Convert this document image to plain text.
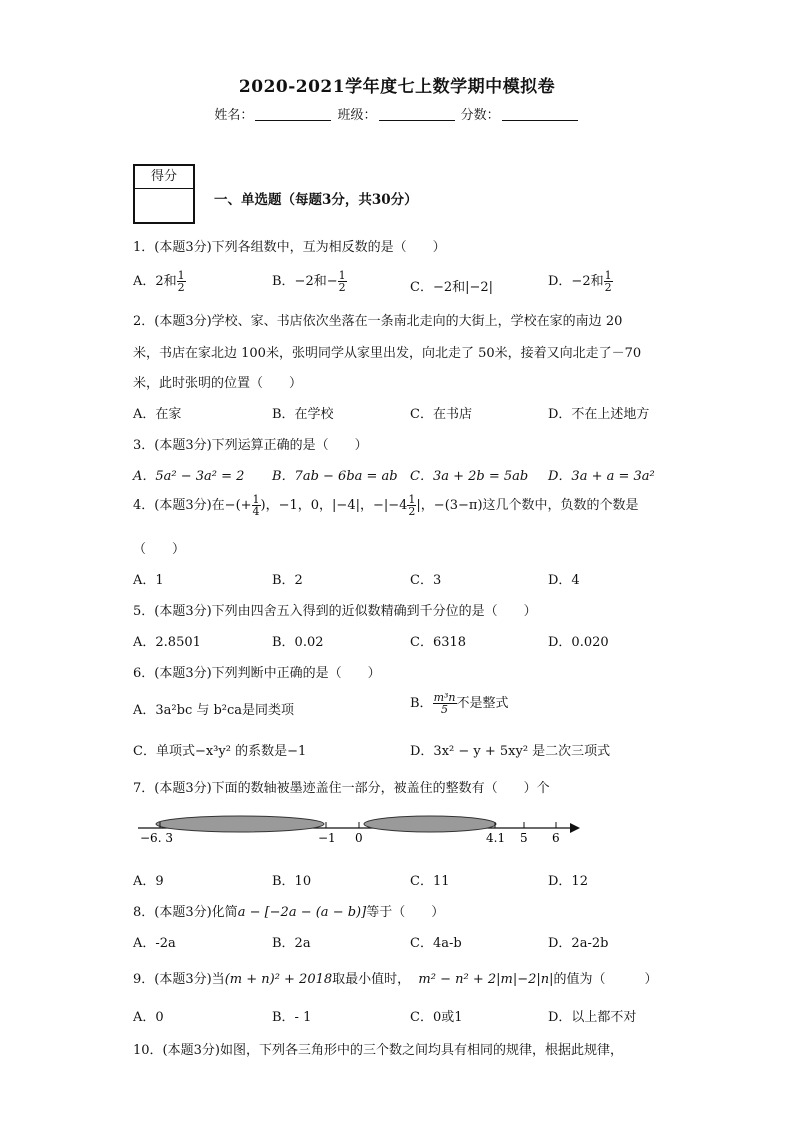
2020-2021学年度七上数学期中模拟卷
姓名：	班级：	分数：
得分
一、单选题（每题3分，共30分）
1．(本题3分)下列各组数中，互为相反数的是（　　）
A．2和 $\frac{1}{2}$	B．−2和− $\frac{1}{2}$	C．−2和|−2|	D．−2和 $\frac{1}{2}$
2．(本题3分)学校、家、书店依次坐落在一条南北走向的大街上，学校在家的南边 20
米，书店在家北边 100米，张明同学从家里出发，向北走了 50米，接着又向北走了－70
米，此时张明的位置（　　）
A．在家	B．在学校	C．在书店	D．不在上述地方
3．(本题3分)下列运算正确的是（　　）
A．5a² − 3a² = 2 B．7ab − 6ba = ab C．3a + 2b = 5ab D．3a + a = 3a²
4．(本题3分)在−(+ $\frac{1}{4}$ )，−1，0，|−4|，$-|-4 \frac{1}{2}$ |，−(3−π)这几个数中，负数的个数是
（　　）
A．1	B．2	C．3	D．4
5．(本题3分)下列由四舍五入得到的近似数精确到千分位的是（　　）
A．2.8501	B．0.02	C．6318	D．0.020
6．(本题3分)下列判断中正确的是（　　）
A．3a²bc 与 b²ca是同类项	B． $\frac{\text{m³n}}{5}$ 不是整式
C．单项式−x³y² 的系数是−1	D．3x² − y + 5xy² 是二次三项式
7．(本题3分)下面的数轴被墨迹盖住一部分，被盖住的整数有（　　）个
−6. 3	−1 0	4.1 5 6
A．9	B．10	C．11	D．12
8．(本题3分)化简a − [−2a − (a − b)]等于（　　）
A．-2a	B．2a	C．4a-b	D．2a-2b
9．(本题3分)当(m + n)² + 2018取最小值时， m² − n² + 2|m|−2|n|的值为（　　　）
A．0	B．- 1	C．0或1	D．以上都不对
10．(本题3分)如图，下列各三角形中的三个数之间均具有相同的规律，根据此规律，
